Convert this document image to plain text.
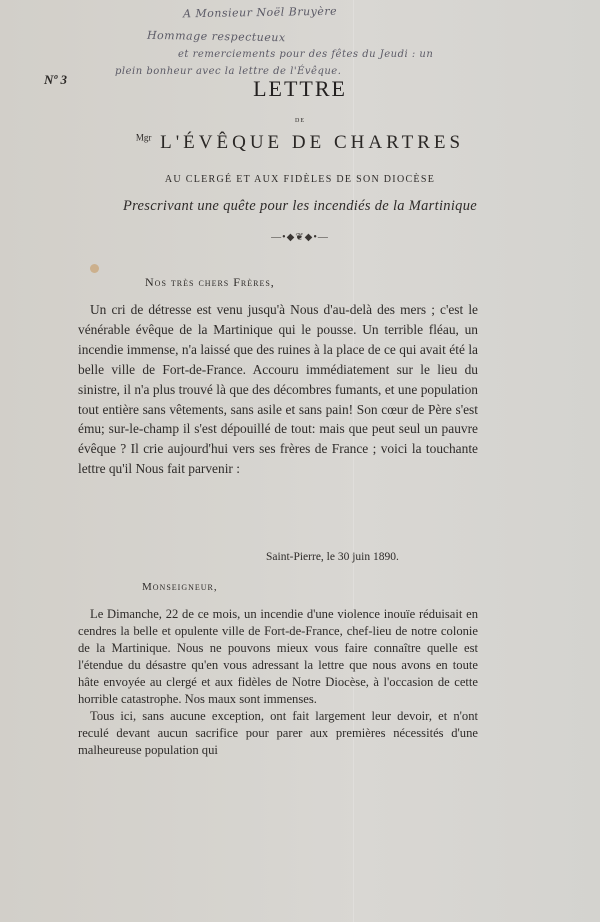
A Monsieur Noël Bruyère
Hommage respectueux
et remerciements pour des fêtes du Jeudi : un
plein bonheur avec la lettre de l'Évêque.
Nº 3	LETTRE
DE
$^{Mgr}$ L'ÉVÊQUE DE CHARTRES
AU CLERGÉ ET AUX FIDÈLES DE SON DIOCÈSE
Prescrivant une quête pour les incendiés de la Martinique
—•◆❦◆•—
Nos très chers Frères,

Un cri de détresse est venu jusqu'à Nous d'au-delà des mers ; c'est le vénérable évêque de la Martinique qui le pousse. Un terrible fléau, un incendie immense, n'a laissé que des ruines à la place de ce qui avait été la belle ville de Fort-de-France. Accouru immédiatement sur le lieu du sinistre, il n'a plus trouvé là que des décombres fumants, et une population tout entière sans vêtements, sans asile et sans pain! Son cœur de Père s'est ému; sur-le-champ il s'est dépouillé de tout: mais que peut seul un pauvre évêque ? Il crie aujourd'hui vers ses frères de France ; voici la touchante lettre qu'il Nous fait parvenir :

Saint-Pierre, le 30 juin 1890.
Monseigneur,

Le Dimanche, 22 de ce mois, un incendie d'une violence inouïe réduisait en cendres la belle et opulente ville de Fort-de-France, chef-lieu de notre colonie de la Martinique. Nous ne pouvons mieux vous faire connaître quelle est l'étendue du désastre qu'en vous adressant la lettre que nous avons en toute hâte envoyée au clergé et aux fidèles de Notre Diocèse, à l'occasion de cette horrible catastrophe. Nos maux sont immenses.

Tous ici, sans aucune exception, ont fait largement leur devoir, et n'ont reculé devant aucun sacrifice pour parer aux premières nécessités d'une malheureuse population qui
